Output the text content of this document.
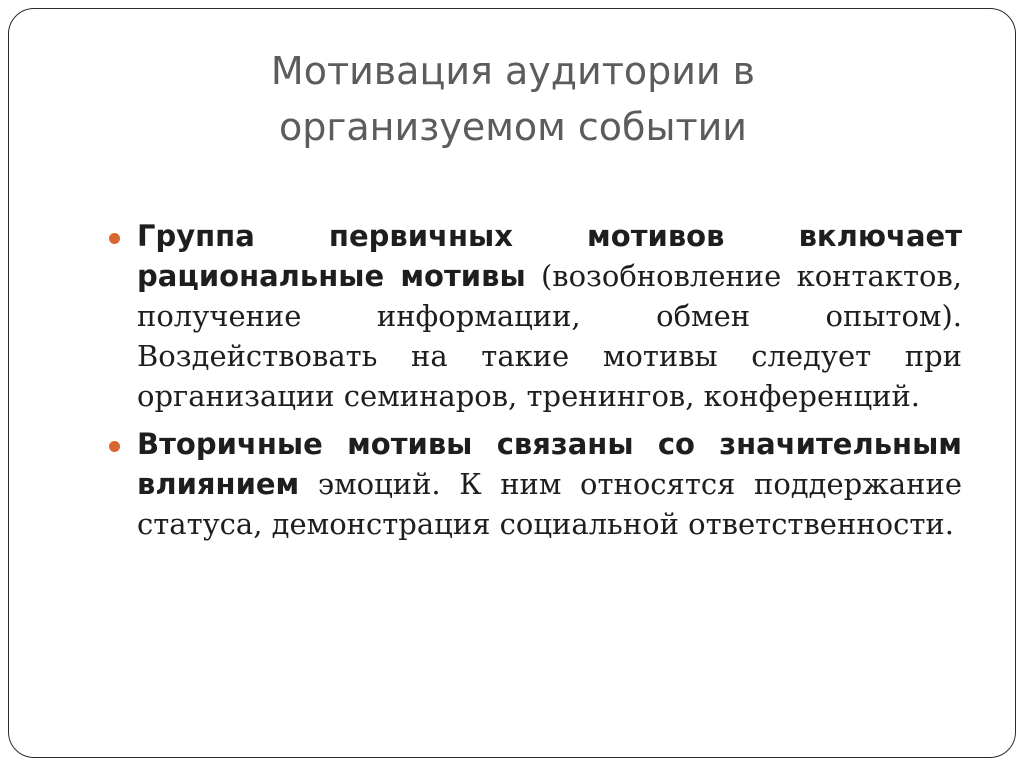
Мотивация аудитории в
организуемом событии
Группа первичных мотивов включает рациональные мотивы (возобновление контактов, получение информации, обмен опытом). Воздействовать на такие мотивы следует при организации семинаров, тренингов, конференций.
Вторичные мотивы связаны со значительным влиянием эмоций. К ним относятся поддержание статуса, демонстрация социальной ответственности.
